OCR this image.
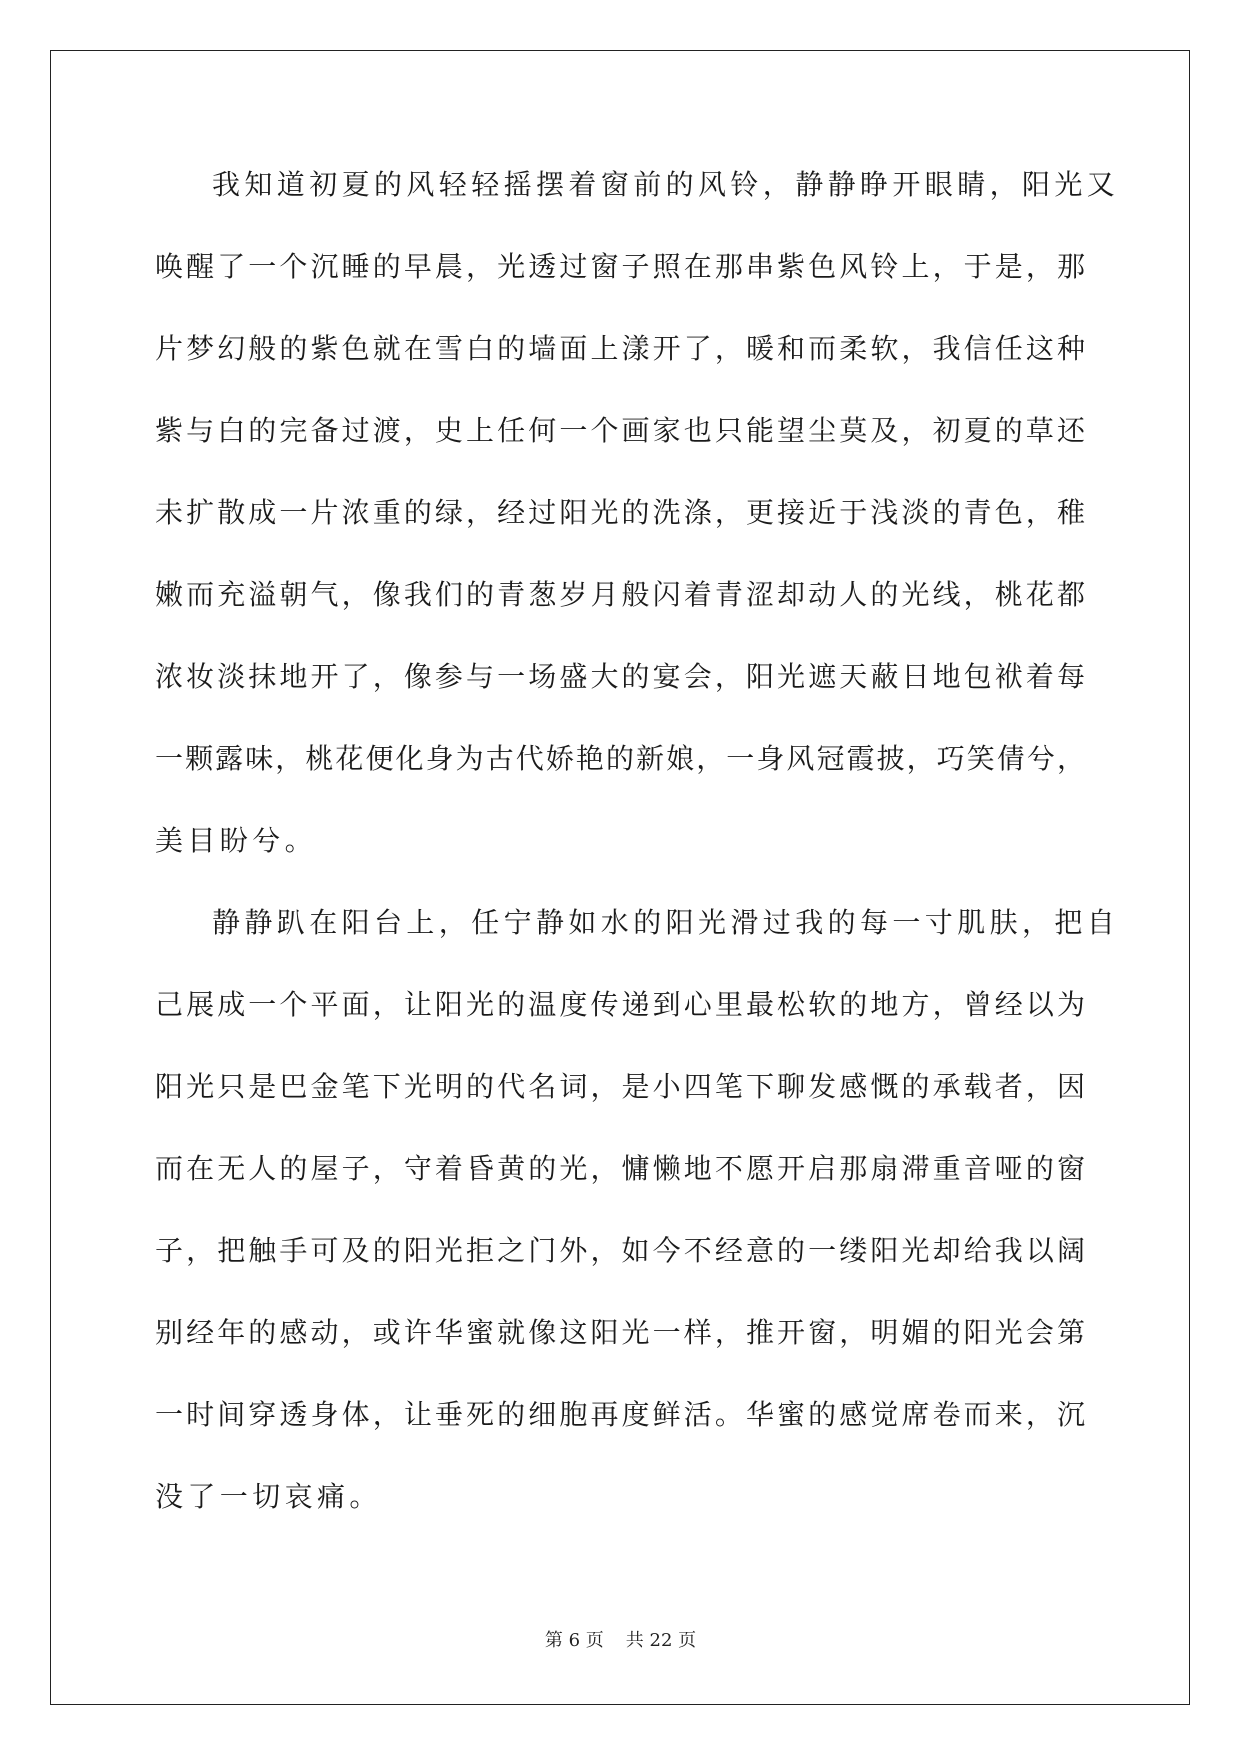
我知道初夏的风轻轻摇摆着窗前的风铃，静静睁开眼睛，阳光又
唤醒了一个沉睡的早晨，光透过窗子照在那串紫色风铃上，于是，那
片梦幻般的紫色就在雪白的墙面上漾开了，暖和而柔软，我信任这种
紫与白的完备过渡，史上任何一个画家也只能望尘莫及，初夏的草还
未扩散成一片浓重的绿，经过阳光的洗涤，更接近于浅淡的青色，稚
嫩而充溢朝气，像我们的青葱岁月般闪着青涩却动人的光线，桃花都
浓妆淡抹地开了，像参与一场盛大的宴会，阳光遮天蔽日地包袱着每
一颗露味，桃花便化身为古代娇艳的新娘，一身风冠霞披，巧笑倩兮，
美目盼兮。
静静趴在阳台上，任宁静如水的阳光滑过我的每一寸肌肤，把自
己展成一个平面，让阳光的温度传递到心里最松软的地方，曾经以为
阳光只是巴金笔下光明的代名词，是小四笔下聊发感慨的承载者，因
而在无人的屋子，守着昏黄的光，慵懒地不愿开启那扇滞重音哑的窗
子，把触手可及的阳光拒之门外，如今不经意的一缕阳光却给我以阔
别经年的感动，或许华蜜就像这阳光一样，推开窗，明媚的阳光会第
一时间穿透身体，让垂死的细胞再度鲜活。华蜜的感觉席卷而来，沉
没了一切哀痛。
第 6 页 共 22 页
